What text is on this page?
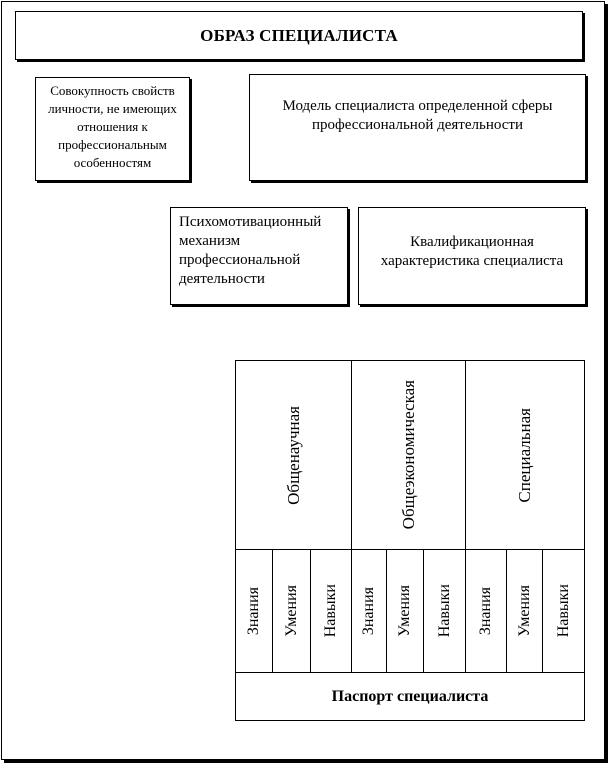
ОБРАЗ СПЕЦИАЛИСТА
Совокупность свойств личности, не имеющих отношения к профессиональным особенностям
Модель специалиста определенной сферы профессиональной деятельности
Психомотивационный механизм профессиональной деятельности
Квалификационная характеристика специалиста
Общенаучная	Общеэкономическая	Специальная
Знания Умения Навыки Знания Умения Навыки Знания Умения Навыки
Паспорт специалиста
